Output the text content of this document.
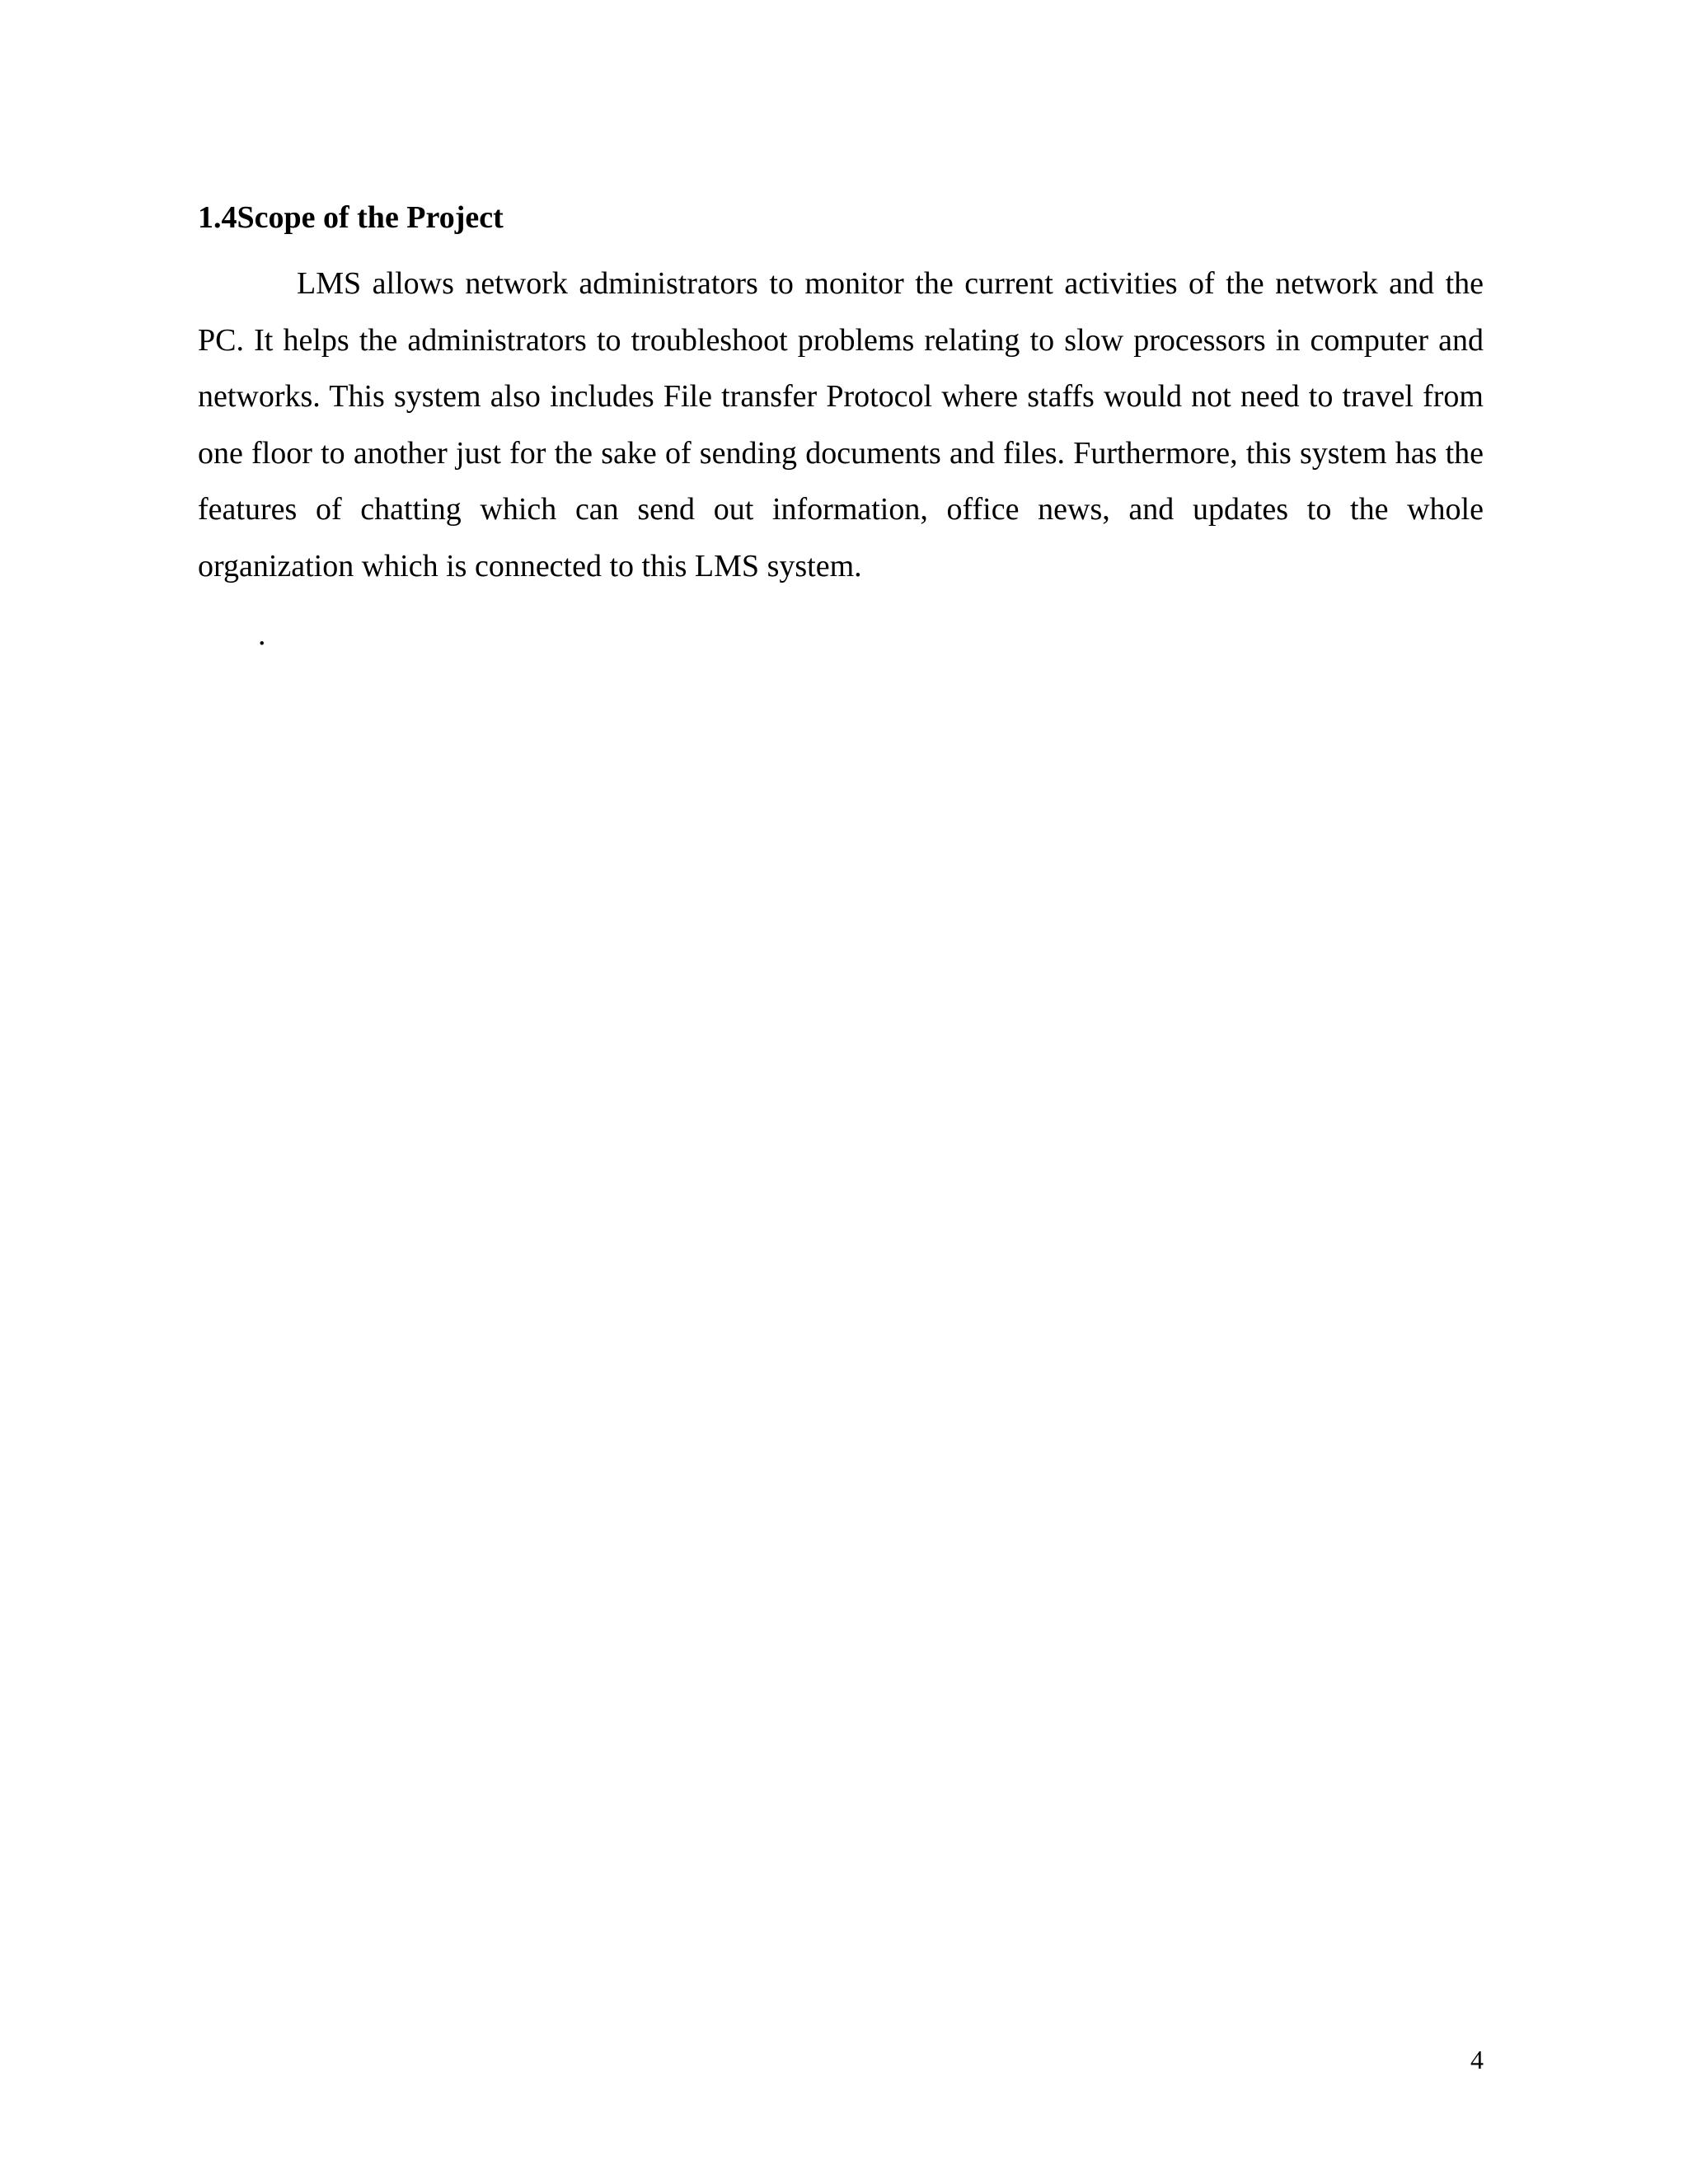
1.4Scope of the Project

LMS allows network administrators to monitor the current activities of the network and the PC. It helps the administrators to troubleshoot problems relating to slow processors in computer and networks. This system also includes File transfer Protocol where staffs would not need to travel from one floor to another just for the sake of sending documents and files. Furthermore, this system has the features of chatting which can send out information, office news, and updates to the whole organization which is connected to this LMS system.

.
4
